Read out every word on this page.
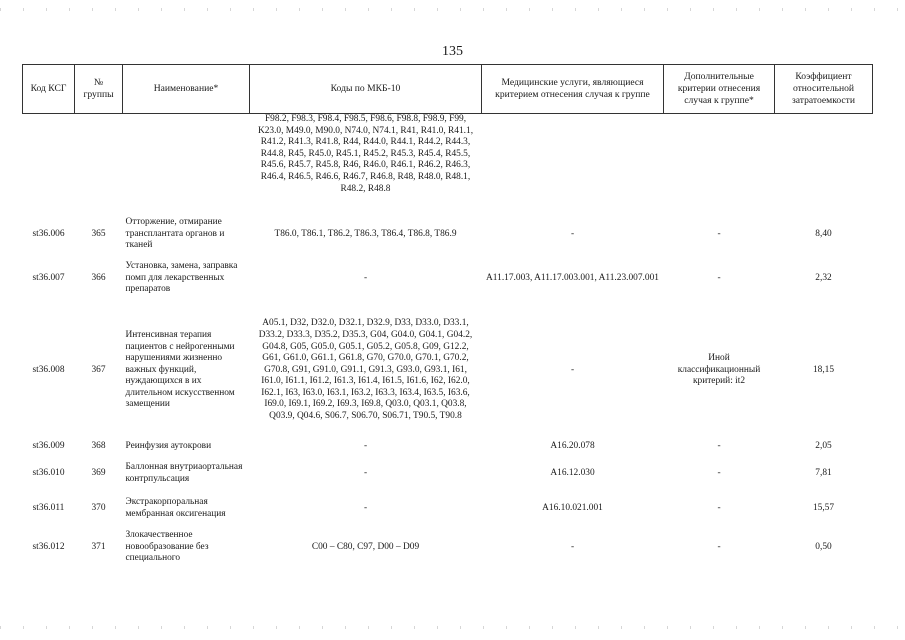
135
Код КСГ	№ группы	Наименование*	Коды по МКБ-10	Медицинские услуги, являющиеся критерием отнесения случая к группе	Дополнительные критерии отнесения случая к группе*	Коэффициент относительной затратоемкости
			F98.2, F98.3, F98.4, F98.5, F98.6, F98.8, F98.9, F99, K23.0, M49.0, M90.0, N74.0, N74.1, R41, R41.0, R41.1, R41.2, R41.3, R41.8, R44, R44.0, R44.1, R44.2, R44.3, R44.8, R45, R45.0, R45.1, R45.2, R45.3, R45.4, R45.5, R45.6, R45.7, R45.8, R46, R46.0, R46.1, R46.2, R46.3, R46.4, R46.5, R46.6, R46.7, R46.8, R48, R48.0, R48.1, R48.2, R48.8			
st36.006	365	Отторжение, отмирание трансплантата органов и тканей	T86.0, T86.1, T86.2, T86.3, T86.4, T86.8, T86.9	-	-	8,40
st36.007	366	Установка, замена, заправка помп для лекарственных препаратов	-	A11.17.003, A11.17.003.001, A11.23.007.001	-	2,32
st36.008	367	Интенсивная терапия пациентов с нейрогенными нарушениями жизненно важных функций, нуждающихся в их длительном искусственном замещении	A05.1, D32, D32.0, D32.1, D32.9, D33, D33.0, D33.1, D33.2, D33.3, D35.2, D35.3, G04, G04.0, G04.1, G04.2, G04.8, G05, G05.0, G05.1, G05.2, G05.8, G09, G12.2, G61, G61.0, G61.1, G61.8, G70, G70.0, G70.1, G70.2, G70.8, G91, G91.0, G91.1, G91.3, G93.0, G93.1, I61, I61.0, I61.1, I61.2, I61.3, I61.4, I61.5, I61.6, I62, I62.0, I62.1, I63, I63.0, I63.1, I63.2, I63.3, I63.4, I63.5, I63.6, I69.0, I69.1, I69.2, I69.3, I69.8, Q03.0, Q03.1, Q03.8, Q03.9, Q04.6, S06.7, S06.70, S06.71, T90.5, T90.8	-	Иной классификационный критерий: it2	18,15
st36.009	368	Реинфузия аутокрови	-	A16.20.078	-	2,05
st36.010	369	Баллонная внутриаортальная контрпульсация	-	A16.12.030	-	7,81
st36.011	370	Экстракорпоральная мембранная оксигенация	-	A16.10.021.001	-	15,57
st36.012	371	Злокачественное новообразование без специального	C00 – C80, C97, D00 – D09	-	-	0,50
